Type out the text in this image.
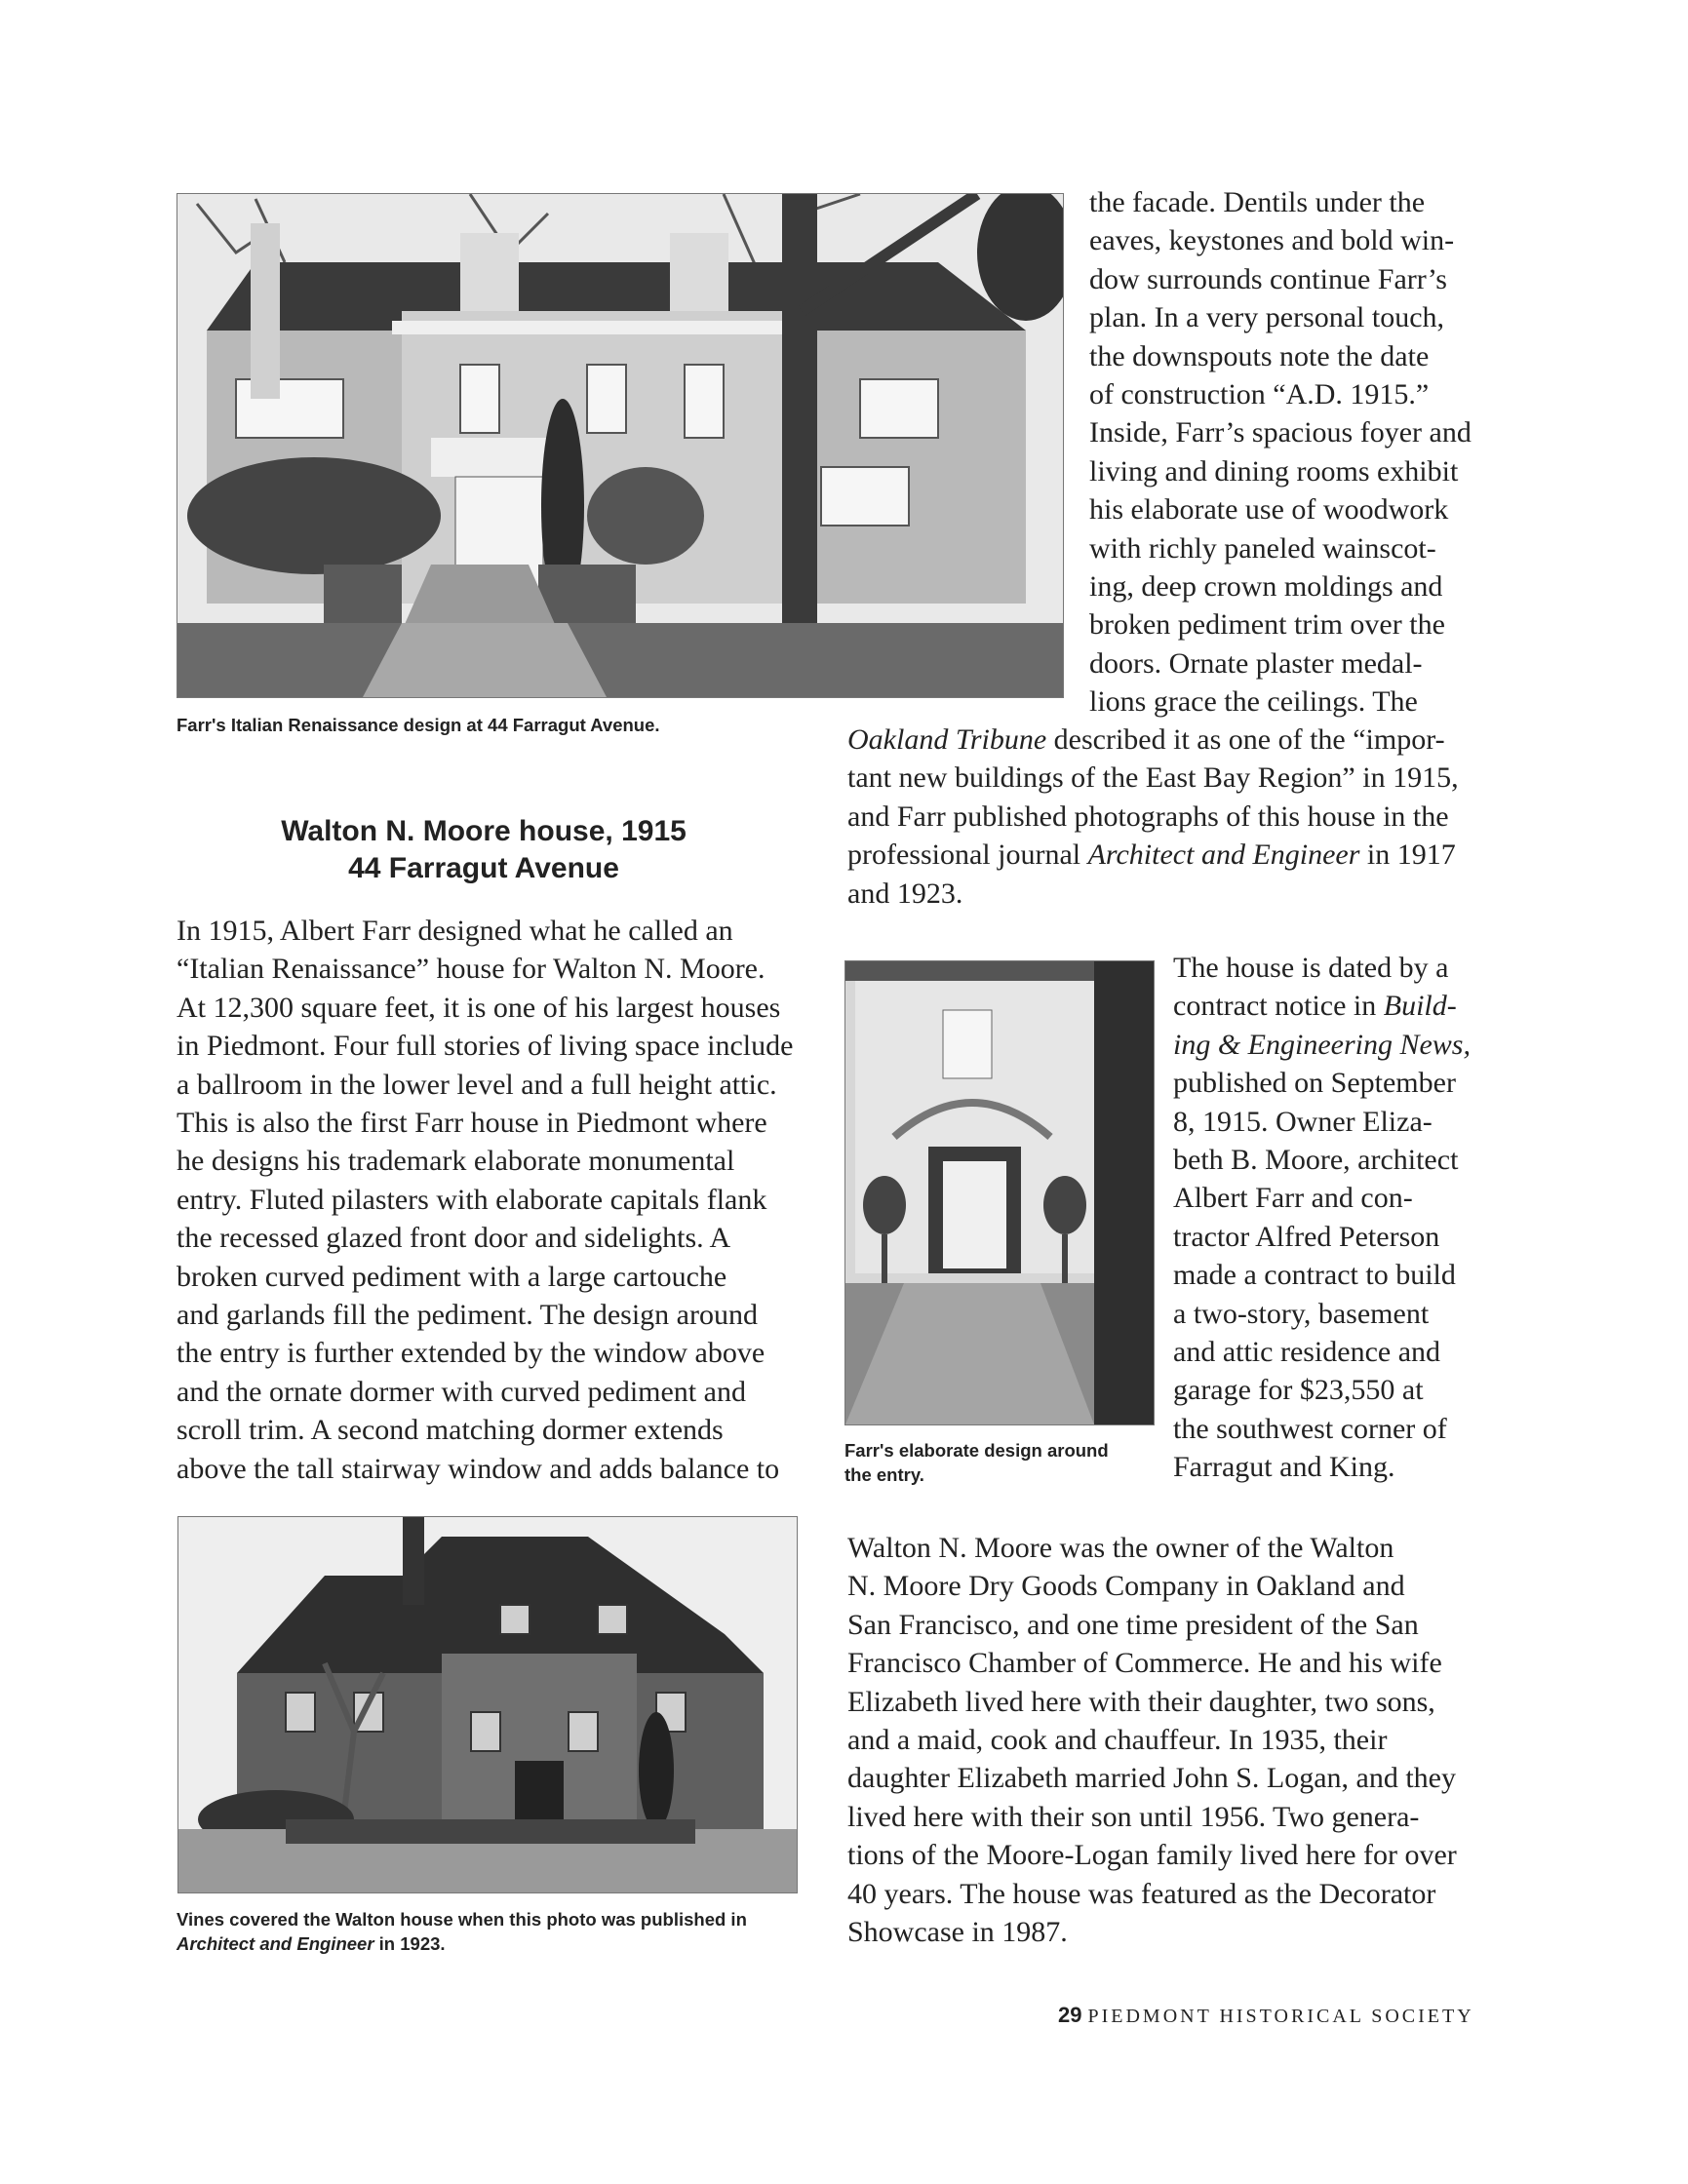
Farr's Italian Renaissance design at 44 Farragut Avenue.
the facade. Dentils under the
eaves, keystones and bold win-
dow surrounds continue Farr’s
plan. In a very personal touch,
the downspouts note the date
of construction “A.D. 1915.”
Inside, Farr’s spacious foyer and
living and dining rooms exhibit
his elaborate use of woodwork
with richly paneled wainscot-
ing, deep crown moldings and
broken pediment trim over the
doors. Ornate plaster medal-
lions grace the ceilings. The
Oakland Tribune described it as one of the “impor-
tant new buildings of the East Bay Region” in 1915,
and Farr published photographs of this house in the
professional journal Architect and Engineer in 1917
and 1923.
Walton N. Moore house, 1915
44 Farragut Avenue
In 1915, Albert Farr designed what he called an
“Italian Renaissance” house for Walton N. Moore.
At 12,300 square feet, it is one of his largest houses
in Piedmont. Four full stories of living space include
a ballroom in the lower level and a full height attic.
This is also the first Farr house in Piedmont where
he designs his trademark elaborate monumental
entry. Fluted pilasters with elaborate capitals flank
the recessed glazed front door and sidelights. A
broken curved pediment with a large cartouche
and garlands fill the pediment. The design around
the entry is further extended by the window above
and the ornate dormer with curved pediment and
scroll trim. A second matching dormer extends
above the tall stairway window and adds balance to
Farr's elaborate design around the entry.
The house is dated by a
contract notice in Build-
ing & Engineering News,
published on September
8, 1915. Owner Eliza-
beth B. Moore, architect
Albert Farr and con-
tractor Alfred Peterson
made a contract to build
a two-story, basement
and attic residence and
garage for $23,550 at
the southwest corner of
Farragut and King.
Vines covered the Walton house when this photo was published in Architect and Engineer in 1923.
Walton N. Moore was the owner of the Walton
N. Moore Dry Goods Company in Oakland and
San Francisco, and one time president of the San
Francisco Chamber of Commerce. He and his wife
Elizabeth lived here with their daughter, two sons,
and a maid, cook and chauffeur. In 1935, their
daughter Elizabeth married John S. Logan, and they
lived here with their son until 1956. Two genera-
tions of the Moore-Logan family lived here for over
40 years. The house was featured as the Decorator
Showcase in 1987.
29 PIEDMONT HISTORICAL SOCIETY
